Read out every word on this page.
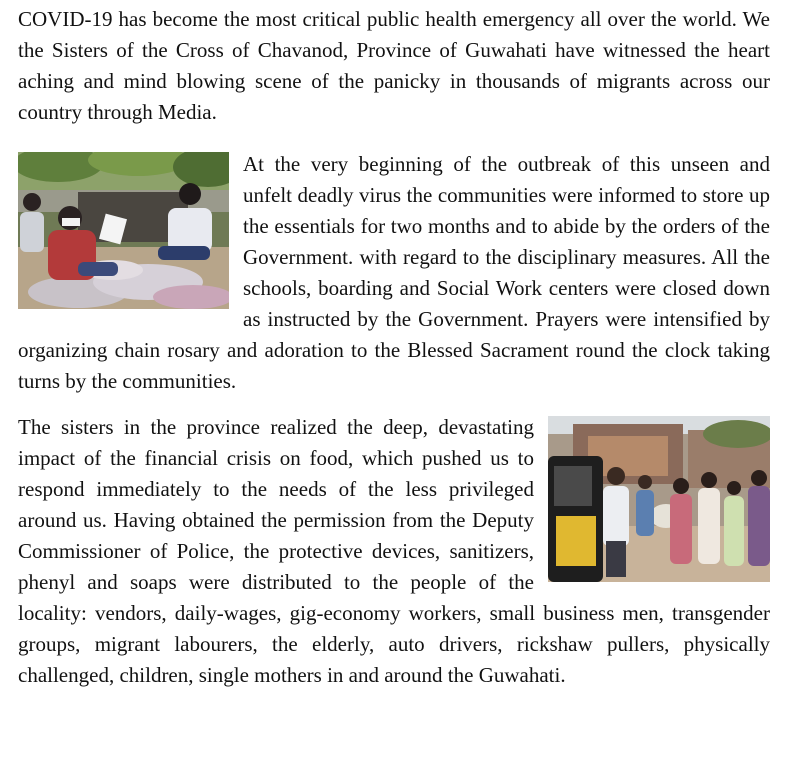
COVID-19 has become the most critical public health emergency all over the world. We the Sisters of the Cross of Chavanod, Province of Guwahati have witnessed the heart aching and mind blowing scene of the panicky in thousands of migrants across our country through Media.

At the very beginning of the outbreak of this unseen and unfelt deadly virus the communities were informed to store up the essentials for two months and to abide by the orders of the Government. with regard to the disciplinary measures. All the schools, boarding and Social Work centers were closed down as instructed by the Government. Prayers were intensified by organizing chain rosary and adoration to the Blessed Sacrament round the clock taking turns by the communities.

The sisters in the province realized the deep, devastating impact of the financial crisis on food, which pushed us to respond immediately to the needs of the less privileged around us. Having obtained the permission from the Deputy Commissioner of Police, the protective devices, sanitizers, phenyl and soaps were distributed to the people of the locality: vendors, daily-wages, gig-economy workers, small business men, transgender groups, migrant labourers, the elderly, auto drivers, rickshaw pullers, physically challenged, children, single mothers in and around the Guwahati.
